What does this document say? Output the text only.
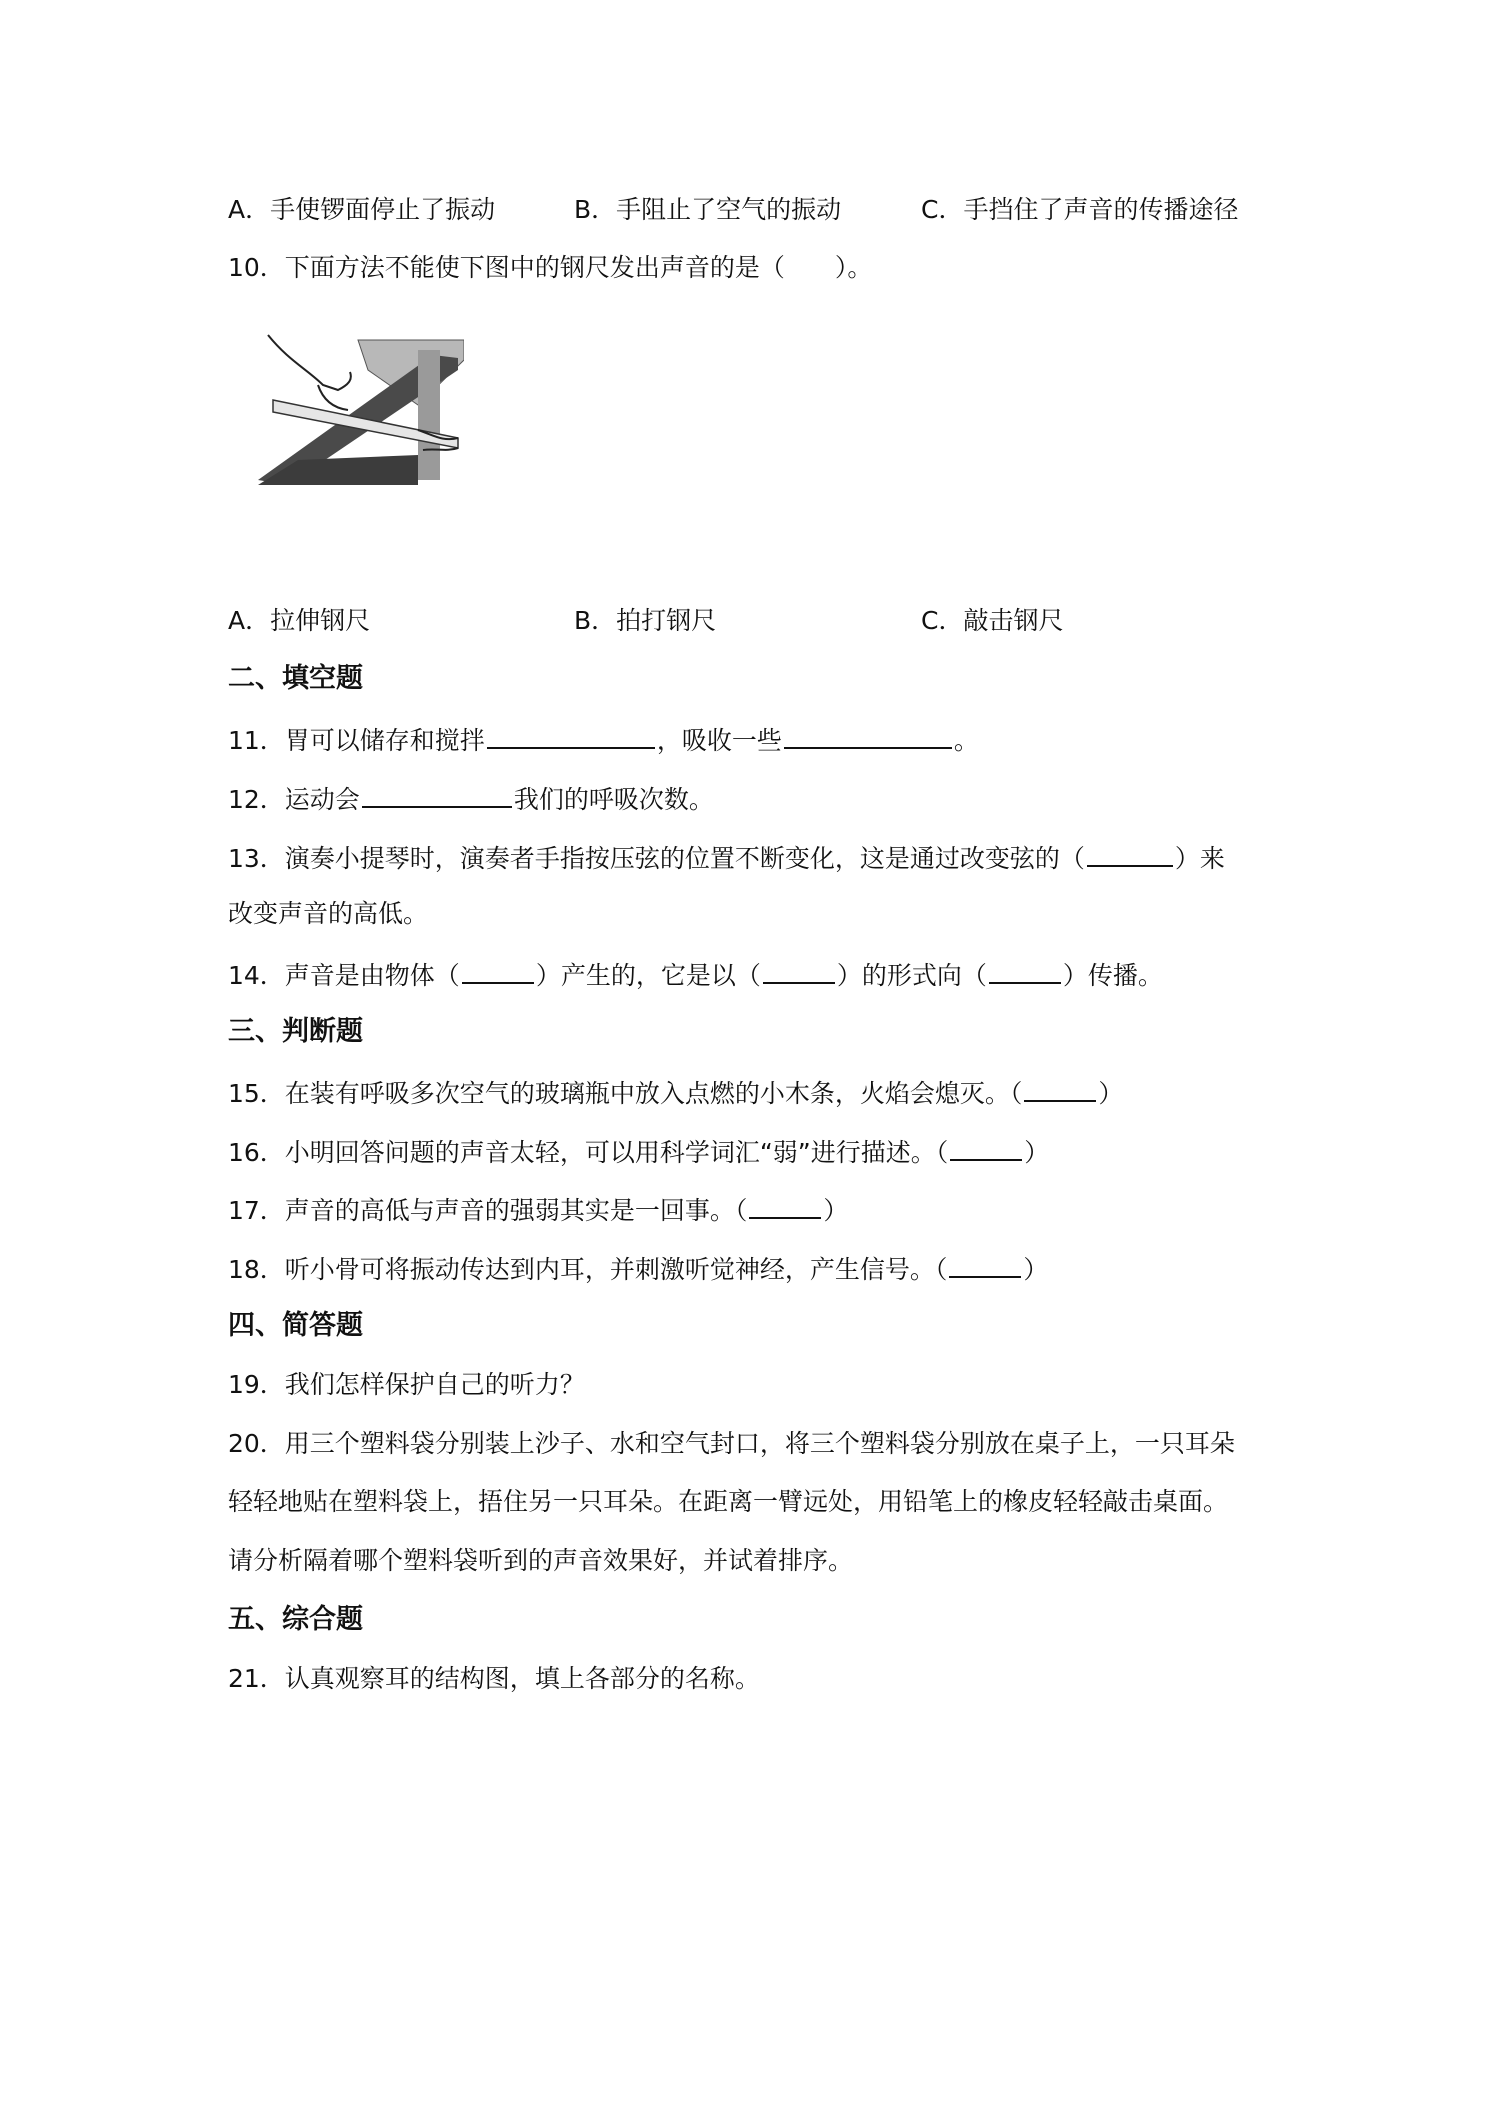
A．手使锣面停止了振动	B．手阻止了空气的振动	C．手挡住了声音的传播途径
10．下面方法不能使下图中的钢尺发出声音的是（　　）。
A．拉伸钢尺	B．拍打钢尺	C．敲击钢尺
二、填空题
11．胃可以储存和搅拌	，吸收一些	。
12．运动会	我们的呼吸次数。
13．演奏小提琴时，演奏者手指按压弦的位置不断变化，这是通过改变弦的（	）来
改变声音的高低。
14．声音是由物体（	）产生的，它是以（	）的形式向（	）传播。
三、判断题
15．在装有呼吸多次空气的玻璃瓶中放入点燃的小木条，火焰会熄灭。（	）
16．小明回答问题的声音太轻，可以用科学词汇“弱”进行描述。（	）
17．声音的高低与声音的强弱其实是一回事。（	）
18．听小骨可将振动传达到内耳，并刺激听觉神经，产生信号。（	）
四、简答题
19．我们怎样保护自己的听力？
20．用三个塑料袋分别装上沙子、水和空气封口，将三个塑料袋分别放在桌子上，一只耳朵
轻轻地贴在塑料袋上，捂住另一只耳朵。在距离一臂远处，用铅笔上的橡皮轻轻敲击桌面。
请分析隔着哪个塑料袋听到的声音效果好，并试着排序。
五、综合题
21．认真观察耳的结构图，填上各部分的名称。
